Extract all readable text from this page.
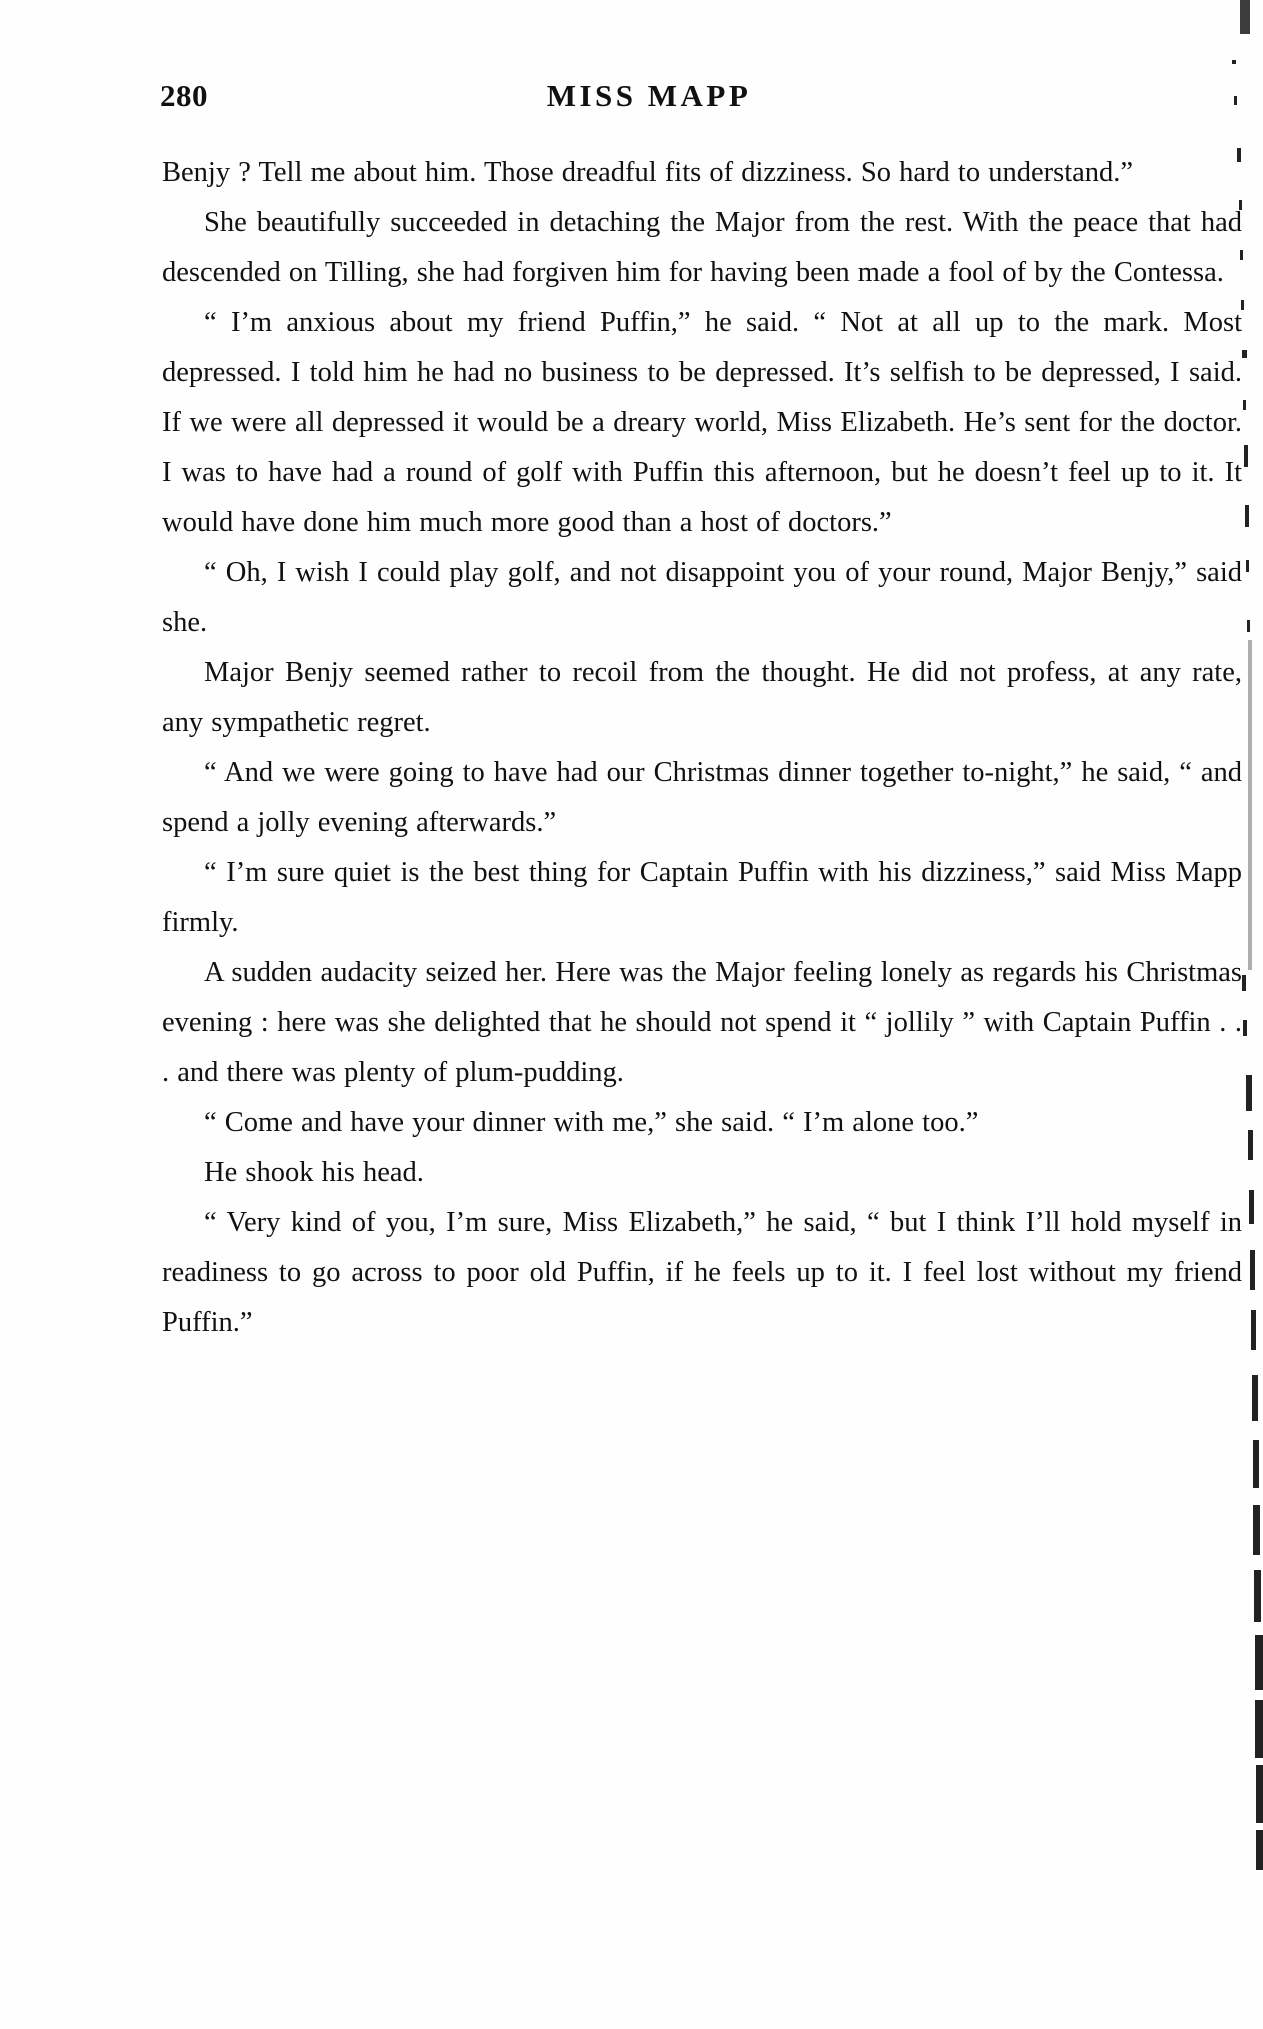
280	MISS MAPP

Benjy ? Tell me about him. Those dreadful fits of dizziness. So hard to understand.”

She beautifully succeeded in detaching the Major from the rest. With the peace that had descended on Tilling, she had forgiven him for having been made a fool of by the Contessa.

“ I’m anxious about my friend Puffin,” he said. “ Not at all up to the mark. Most depressed. I told him he had no business to be depressed. It’s selfish to be depressed, I said. If we were all depressed it would be a dreary world, Miss Elizabeth. He’s sent for the doctor. I was to have had a round of golf with Puffin this afternoon, but he doesn’t feel up to it. It would have done him much more good than a host of doctors.”

“ Oh, I wish I could play golf, and not disappoint you of your round, Major Benjy,” said she.

Major Benjy seemed rather to recoil from the thought. He did not profess, at any rate, any sympathetic regret.

“ And we were going to have had our Christmas dinner together to-night,” he said, “ and spend a jolly evening afterwards.”

“ I’m sure quiet is the best thing for Captain Puffin with his dizziness,” said Miss Mapp firmly.

A sudden audacity seized her. Here was the Major feeling lonely as regards his Christmas evening : here was she delighted that he should not spend it “ jollily ” with Captain Puffin . . . and there was plenty of plum-pudding.

“ Come and have your dinner with me,” she said. “ I’m alone too.”

He shook his head.

“ Very kind of you, I’m sure, Miss Elizabeth,” he said, “ but I think I’ll hold myself in readiness to go across to poor old Puffin, if he feels up to it. I feel lost without my friend Puffin.”
